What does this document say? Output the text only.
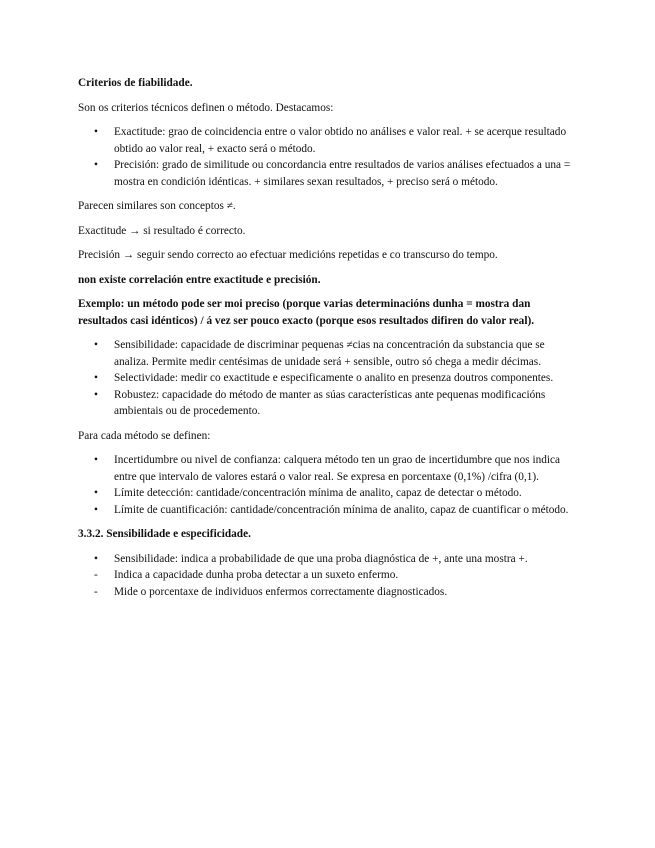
Criterios de fiabilidade.

Son os criterios técnicos definen o método. Destacamos:

•	Exactitude: grao de coincidencia entre o valor obtido no análises e valor real. + se acerque resultado obtido ao valor real, + exacto será o método.
•	Precisión: grado de similitude ou concordancia entre resultados de varios análises efectuados a una = mostra en condición idénticas. + similares sexan resultados, + preciso será o método.

Parecen similares son conceptos ≠.

Exactitude → si resultado é correcto.

Precisión → seguir sendo correcto ao efectuar medicións repetidas e co transcurso do tempo.

non existe correlación entre exactitude e precisión.

Exemplo: un método pode ser moi preciso (porque varias determinacións dunha = mostra dan resultados casi idénticos) / á vez ser pouco exacto (porque esos resultados difiren do valor real).

•	Sensibilidade: capacidade de discriminar pequenas ≠cias na concentración da substancia que se analiza. Permite medir centésimas de unidade será + sensible, outro só chega a medir décimas.
•	Selectividade: medir co exactitude e especificamente o analito en presenza doutros componentes.
•	Robustez: capacidade do método de manter as súas características ante pequenas modificacións ambientais ou de procedemento.

Para cada método se definen:

•	Incertidumbre ou nivel de confianza: calquera método ten un grao de incertidumbre que nos indica entre que intervalo de valores estará o valor real. Se expresa en porcentaxe (0,1%) /cifra (0,1).
•	Límite detección: cantidade/concentración mínima de analito, capaz de detectar o método.
•	Límite de cuantificación: cantidade/concentración mínima de analito, capaz de cuantificar o método.

3.3.2. Sensibilidade e especificidade.

•	Sensibilidade: indica a probabilidade de que una proba diagnóstica de +, ante una mostra +.
- Indica a capacidade dunha proba detectar a un suxeto enfermo.
- Mide o porcentaxe de individuos enfermos correctamente diagnosticados.
